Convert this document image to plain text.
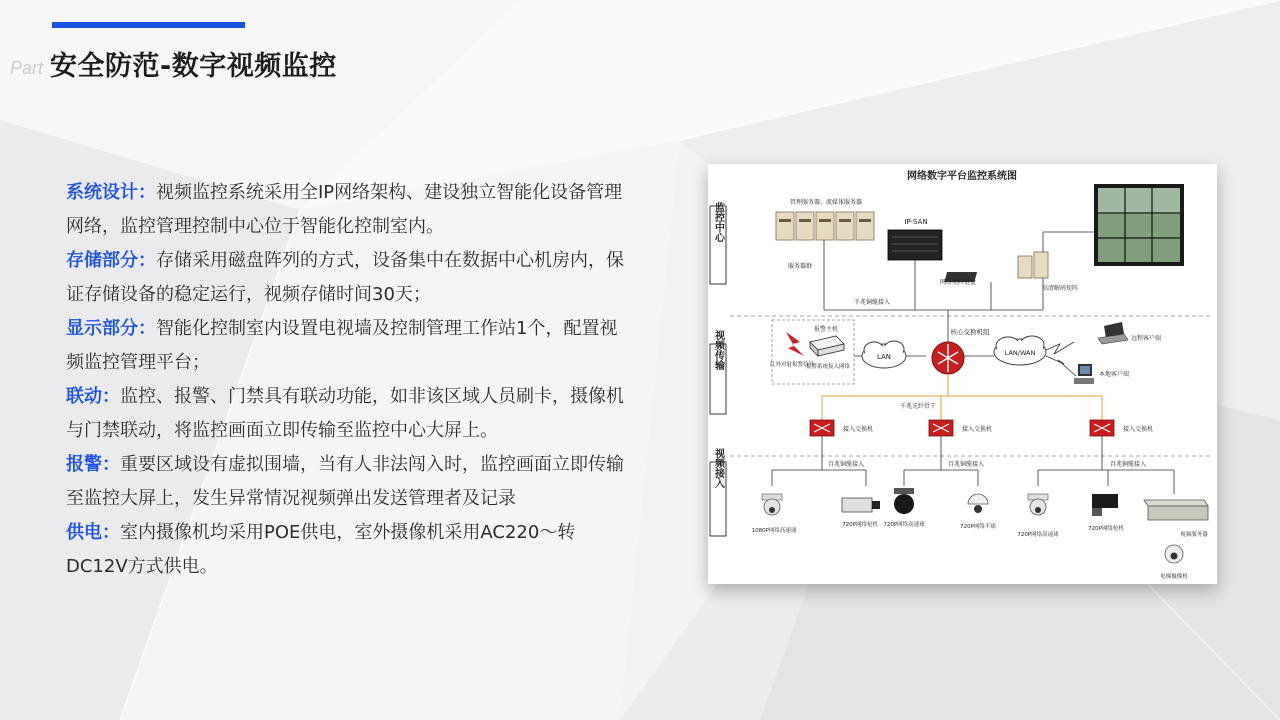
Part 安全防范-数字视频监控

系统设计：视频监控系统采用全IP网络架构、建设独立智能化设备管理网络，监控管理控制中心位于智能化控制室内。

存储部分：存储采用磁盘阵列的方式，设备集中在数据中心机房内，保证存储设备的稳定运行，视频存储时间30天；

显示部分：智能化控制室内设置电视墙及控制管理工作站1个，配置视频监控管理平台；

联动：监控、报警、门禁具有联动功能，如非该区域人员刷卡，摄像机与门禁联动，将监控画面立即传输至监控中心大屏上。

报警：重要区域设有虚拟围墙，当有人非法闯入时，监控画面立即传输至监控大屏上，发生异常情况视频弹出发送管理者及记录

供电：室内摄像机均采用POE供电，室外摄像机采用AC220～转DC12V方式供电。

网络数字平台监控系统图
监控中心
视频传输
视频接入
管理服务器、流媒体服务器
服务器群
IP-SAN
网络矩阵键盘
高清解码矩阵
千兆铜缆接入
报警主机
红外对射报警信号
报警系统接入网络
LAN
核心交换机组
LAN/WAN
远程客户端
本地客户端
千兆光纤骨干
接入交换机	接入交换机	接入交换机
百兆铜缆接入	百兆铜缆接入	百兆铜缆接入
1080P网络高速球
720P网络枪机 720P网络高速球	720P网络半球
720P网络高速球
720P网络枪机
视频服务器
电梯摄像机
